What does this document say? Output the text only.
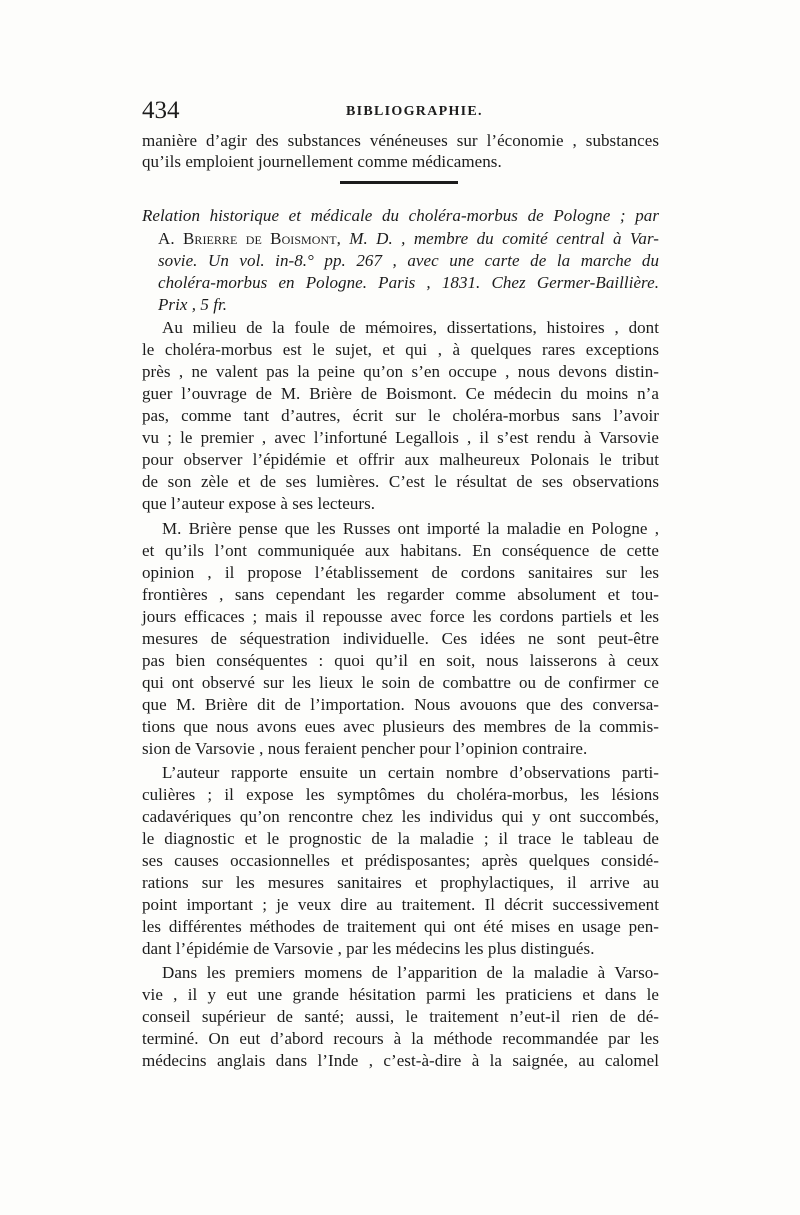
434	BIBLIOGRAPHIE.
manière d’agir des substances vénéneuses sur l’économie , substances
qu’ils emploient journellement comme médicamens.
Relation historique et médicale du choléra-morbus de Pologne ; par
A. Brierre de Boismont, M. D. , membre du comité central à Var-
sovie. Un vol. in-8.° pp. 267 , avec une carte de la marche du
choléra-morbus en Pologne. Paris , 1831. Chez Germer-Baillière.
Prix , 5 fr.
Au milieu de la foule de mémoires, dissertations, histoires , dont
le choléra-morbus est le sujet, et qui , à quelques rares exceptions
près , ne valent pas la peine qu’on s’en occupe , nous devons distin-
guer l’ouvrage de M. Brière de Boismont. Ce médecin du moins n’a
pas, comme tant d’autres, écrit sur le choléra-morbus sans l’avoir
vu ; le premier , avec l’infortuné Legallois , il s’est rendu à Varsovie
pour observer l’épidémie et offrir aux malheureux Polonais le tribut
de son zèle et de ses lumières. C’est le résultat de ses observations
que l’auteur expose à ses lecteurs.
M. Brière pense que les Russes ont importé la maladie en Pologne ,
et qu’ils l’ont communiquée aux habitans. En conséquence de cette
opinion , il propose l’établissement de cordons sanitaires sur les
frontières , sans cependant les regarder comme absolument et tou-
jours efficaces ; mais il repousse avec force les cordons partiels et les
mesures de séquestration individuelle. Ces idées ne sont peut-être
pas bien conséquentes : quoi qu’il en soit, nous laisserons à ceux
qui ont observé sur les lieux le soin de combattre ou de confirmer ce
que M. Brière dit de l’importation. Nous avouons que des conversa-
tions que nous avons eues avec plusieurs des membres de la commis-
sion de Varsovie , nous feraient pencher pour l’opinion contraire.
L’auteur rapporte ensuite un certain nombre d’observations parti-
culières ; il expose les symptômes du choléra-morbus, les lésions
cadavériques qu’on rencontre chez les individus qui y ont succombés,
le diagnostic et le prognostic de la maladie ; il trace le tableau de
ses causes occasionnelles et prédisposantes; après quelques considé-
rations sur les mesures sanitaires et prophylactiques, il arrive au
point important ; je veux dire au traitement. Il décrit successivement
les différentes méthodes de traitement qui ont été mises en usage pen-
dant l’épidémie de Varsovie , par les médecins les plus distingués.
Dans les premiers momens de l’apparition de la maladie à Varso-
vie , il y eut une grande hésitation parmi les praticiens et dans le
conseil supérieur de santé; aussi, le traitement n’eut-il rien de dé-
terminé. On eut d’abord recours à la méthode recommandée par les
médecins anglais dans l’Inde , c’est-à-dire à la saignée, au calomel
